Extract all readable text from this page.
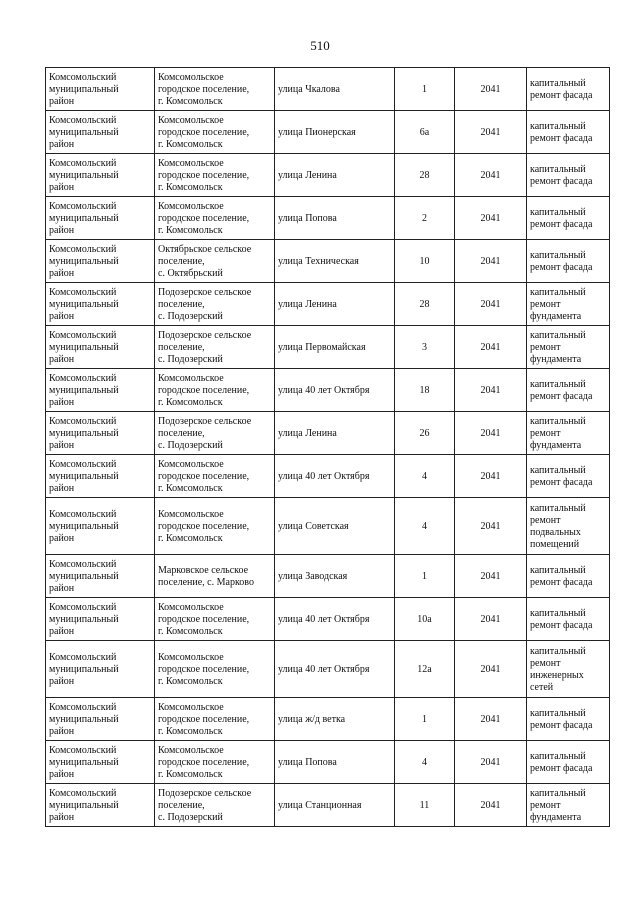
510
Комсомольский
муниципальный
район	Комсомольское
городское поселение,
г. Комсомольск	улица Чкалова	1	2041	капитальный
ремонт фасада
Комсомольский
муниципальный
район	Комсомольское
городское поселение,
г. Комсомольск	улица Пионерская	6а	2041	капитальный
ремонт фасада
Комсомольский
муниципальный
район	Комсомольское
городское поселение,
г. Комсомольск	улица Ленина	28	2041	капитальный
ремонт фасада
Комсомольский
муниципальный
район	Комсомольское
городское поселение,
г. Комсомольск	улица Попова	2	2041	капитальный
ремонт фасада
Комсомольский
муниципальный
район	Октябрьское сельское
поселение,
с. Октябрьский	улица Техническая	10	2041	капитальный
ремонт фасада
Комсомольский
муниципальный
район	Подозерское сельское
поселение,
с. Подозерский	улица Ленина	28	2041	капитальный
ремонт
фундамента
Комсомольский
муниципальный
район	Подозерское сельское
поселение,
с. Подозерский	улица Первомайская	3	2041	капитальный
ремонт
фундамента
Комсомольский
муниципальный
район	Комсомольское
городское поселение,
г. Комсомольск	улица 40 лет Октября	18	2041	капитальный
ремонт фасада
Комсомольский
муниципальный
район	Подозерское сельское
поселение,
с. Подозерский	улица Ленина	26	2041	капитальный
ремонт
фундамента
Комсомольский
муниципальный
район	Комсомольское
городское поселение,
г. Комсомольск	улица 40 лет Октября	4	2041	капитальный
ремонт фасада
Комсомольский
муниципальный
район	Комсомольское
городское поселение,
г. Комсомольск	улица Советская	4	2041	капитальный
ремонт
подвальных
помещений
Комсомольский
муниципальный
район	Марковское сельское
поселение, с. Марково	улица Заводская	1	2041	капитальный
ремонт фасада
Комсомольский
муниципальный
район	Комсомольское
городское поселение,
г. Комсомольск	улица 40 лет Октября	10а	2041	капитальный
ремонт фасада
Комсомольский
муниципальный
район	Комсомольское
городское поселение,
г. Комсомольск	улица 40 лет Октября	12а	2041	капитальный
ремонт
инженерных
сетей
Комсомольский
муниципальный
район	Комсомольское
городское поселение,
г. Комсомольск	улица ж/д ветка	1	2041	капитальный
ремонт фасада
Комсомольский
муниципальный
район	Комсомольское
городское поселение,
г. Комсомольск	улица Попова	4	2041	капитальный
ремонт фасада
Комсомольский
муниципальный
район	Подозерское сельское
поселение,
с. Подозерский	улица Станционная	11	2041	капитальный
ремонт
фундамента
